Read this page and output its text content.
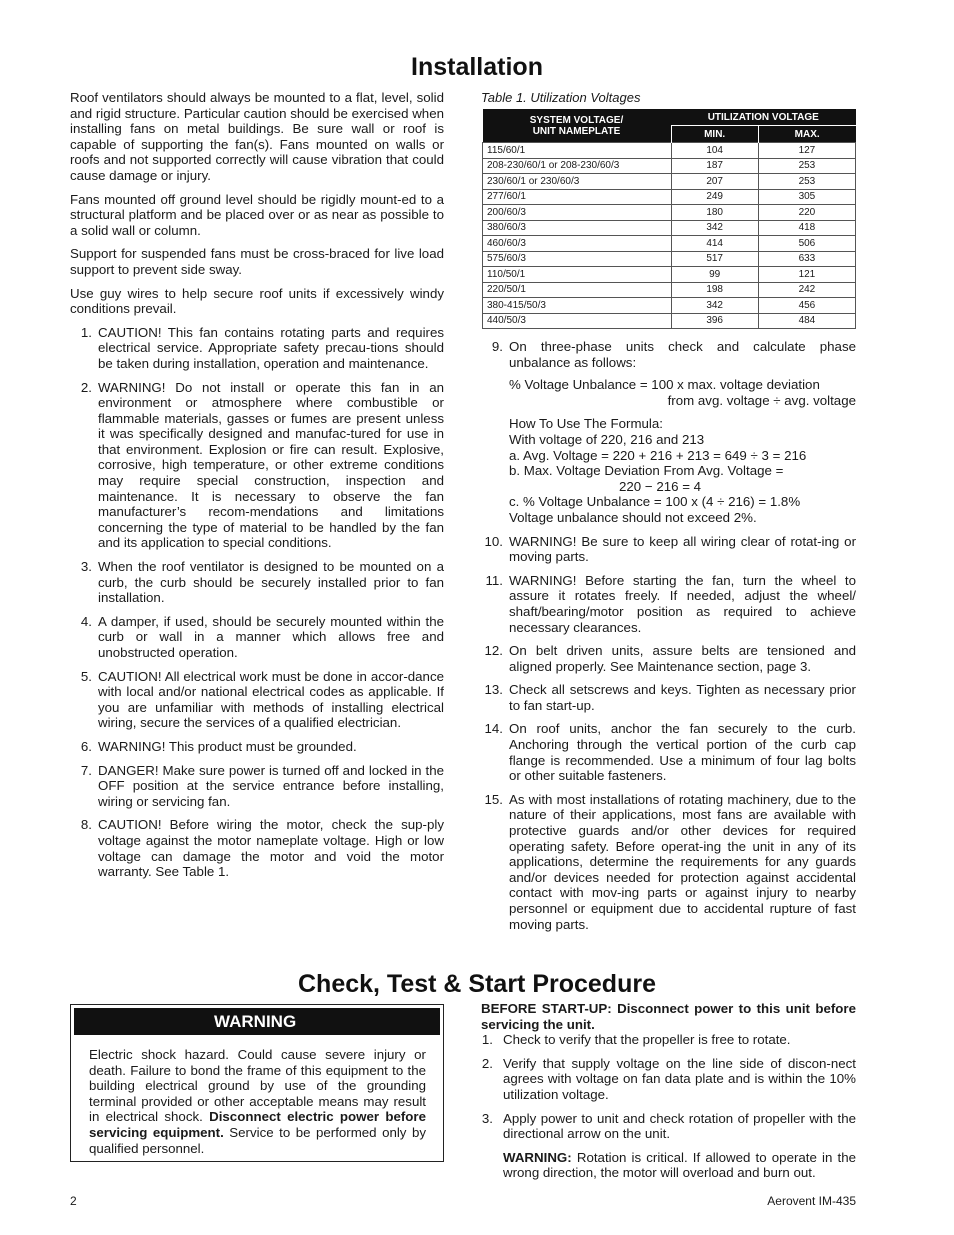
Installation

Roof ventilators should always be mounted to a flat, level, solid and rigid structure. Particular caution should be exercised when installing fans on metal buildings. Be sure wall or roof is capable of supporting the fan(s). Fans mounted on walls or roofs and not supported correctly will cause vibration that could cause damage or injury.

Fans mounted off ground level should be rigidly mount-ed to a structural platform and be placed over or as near as possible to a solid wall or column.

Support for suspended fans must be cross-braced for live load support to prevent side sway.

Use guy wires to help secure roof units if excessively windy conditions prevail.

1. CAUTION! This fan contains rotating parts and requires electrical service. Appropriate safety precau-tions should be taken during installation, operation and maintenance.
2. WARNING! Do not install or operate this fan in an environment or atmosphere where combustible or flammable materials, gasses or fumes are present unless it was specifically designed and manufac-tured for use in that environment. Explosion or fire can result. Explosive, corrosive, high temperature, or other extreme conditions may require special construction, inspection and maintenance. It is necessary to observe the fan manufacturer’s recom-mendations and limitations concerning the type of material to be handled by the fan and its application to special conditions.
3. When the roof ventilator is designed to be mounted on a curb, the curb should be securely installed prior to fan installation.
4. A damper, if used, should be securely mounted within the curb or wall in a manner which allows free and unobstructed operation.
5. CAUTION! All electrical work must be done in accor-dance with local and/or national electrical codes as applicable. If you are unfamiliar with methods of installing electrical wiring, secure the services of a qualified electrician.
6. WARNING! This product must be grounded.
7. DANGER! Make sure power is turned off and locked in the OFF position at the service entrance before installing, wiring or servicing fan.
8. CAUTION! Before wiring the motor, check the sup-ply voltage against the motor nameplate voltage. High or low voltage can damage the motor and void the motor warranty. See Table 1.
Table 1. Utilization Voltages
SYSTEM VOLTAGE/
UNIT NAMEPLATE	UTILIZATION VOLTAGE	
	MIN.	MAX.
115/60/1	104	127
208-230/60/1 or 208-230/60/3	187	253
230/60/1 or 230/60/3	207	253
277/60/1	249	305
200/60/3	180	220
380/60/3	342	418
460/60/3	414	506
575/60/3	517	633
110/50/1	99	121
220/50/1	198	242
380-415/50/3	342	456
440/50/3	396	484
9. On three-phase units check and calculate phase unbalance as follows:

% Voltage Unbalance = 100 x max. voltage deviation

from avg. voltage ÷ avg. voltage

How To Use The Formula:

With voltage of 220, 216 and 213

a. Avg. Voltage = 220 + 216 + 213 = 649 ÷ 3 = 216

b. Max. Voltage Deviation From Avg. Voltage =

220 − 216 = 4

c. % Voltage Unbalance = 100 x (4 ÷ 216) = 1.8%

Voltage unbalance should not exceed 2%.

10. WARNING! Be sure to keep all wiring clear of rotat-ing or moving parts.
11. WARNING! Before starting the fan, turn the wheel to assure it rotates freely. If needed, adjust the wheel/ shaft/bearing/motor position as required to achieve necessary clearances.
12. On belt driven units, assure belts are tensioned and aligned properly. See Maintenance section, page 3.
13. Check all setscrews and keys. Tighten as necessary prior to fan start-up.
14. On roof units, anchor the fan securely to the curb. Anchoring through the vertical portion of the curb cap flange is recommended. Use a minimum of four lag bolts or other suitable fasteners.
15. As with most installations of rotating machinery, due to the nature of their applications, most fans are available with protective guards and/or other devices for required operating safety. Before operat-ing the unit in any of its applications, determine the requirements for any guards and/or devices needed for protection against accidental contact with mov-ing parts or against injury to nearby personnel or equipment due to accidental rupture of fast moving parts.
Check, Test & Start Procedure
WARNING
Electric shock hazard. Could cause severe injury or death. Failure to bond the frame of this equipment to the building electrical ground by use of the grounding terminal provided or other acceptable means may result in electrical shock. Disconnect electric power before servicing equipment. Service to be performed only by qualified personnel.

BEFORE START-UP: Disconnect power to this unit before servicing the unit.

1. Check to verify that the propeller is free to rotate.
2. Verify that supply voltage on the line side of discon-nect agrees with voltage on fan data plate and is within the 10% utilization voltage.
3. Apply power to unit and check rotation of propeller with the directional arrow on the unit.
WARNING: Rotation is critical. If allowed to operate in the wrong direction, the motor will overload and burn out.
2	Aerovent IM-435
